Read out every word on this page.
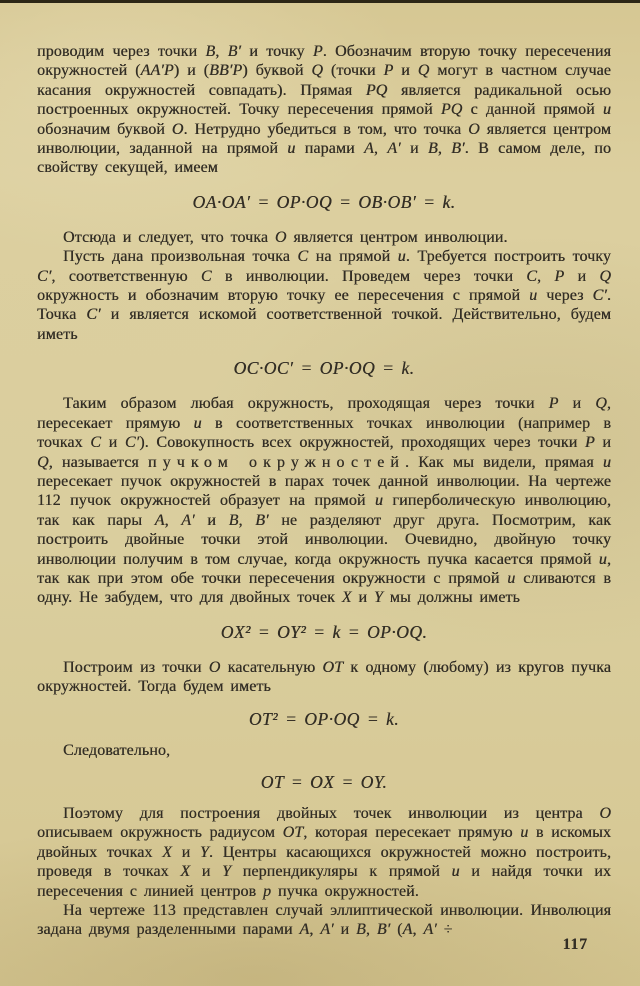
проводим через точки B, B′ и точку P. Обозначим вторую точку пересечения окружностей (AA′P) и (BB′P) буквой Q (точки P и Q могут в частном случае касания окружностей совпадать). Прямая PQ является радикальной осью построенных окружностей. Точку пересечения прямой PQ с данной прямой u обозначим буквой O. Нетрудно убедиться в том, что точка O является центром инволюции, заданной на прямой u парами A, A′ и B, B′. В самом деле, по свойству секущей, имеем

OA·OA′ = OP·OQ = OB·OB′ = k.

Отсюда и следует, что точка O является центром инволюции.

Пусть дана произвольная точка C на прямой u. Требуется построить точку C′, соответственную C в инволюции. Проведем через точки C, P и Q окружность и обозначим вторую точку ее пересечения с прямой u через C′. Точка C′ и является искомой соответственной точкой. Действительно, будем иметь

OC·OC′ = OP·OQ = k.

Таким образом любая окружность, проходящая через точки P и Q, пересекает прямую u в соответственных точках инволюции (например в точках C и C′). Совокупность всех окружностей, проходящих через точки P и Q, называется пучком окружностей. Как мы видели, прямая u пересекает пучок окружностей в парах точек данной инволюции. На чертеже 112 пучок окружностей образует на прямой u гиперболическую инволюцию, так как пары A, A′ и B, B′ не разделяют друг друга. Посмотрим, как построить двойные точки этой инволюции. Очевидно, двойную точку инволюции получим в том случае, когда окружность пучка касается прямой u, так как при этом обе точки пересечения окружности с прямой u сливаются в одну. Не забудем, что для двойных точек X и Y мы должны иметь

OX² = OY² = k = OP·OQ.

Построим из точки O касательную OT к одному (любому) из кругов пучка окружностей. Тогда будем иметь

OT² = OP·OQ = k.

Следовательно,

OT = OX = OY.

Поэтому для построения двойных точек инволюции из центра O описываем окружность радиусом OT, которая пересекает прямую u в искомых двойных точках X и Y. Центры касающихся окружностей можно построить, проведя в точках X и Y перпендикуляры к прямой u и найдя точки их пересечения с линией центров p пучка окружностей.

На чертеже 113 представлен случай эллиптической инволюции. Инволюция задана двумя разделенными парами A, A′ и B, B′ (A, A′ ÷

117
